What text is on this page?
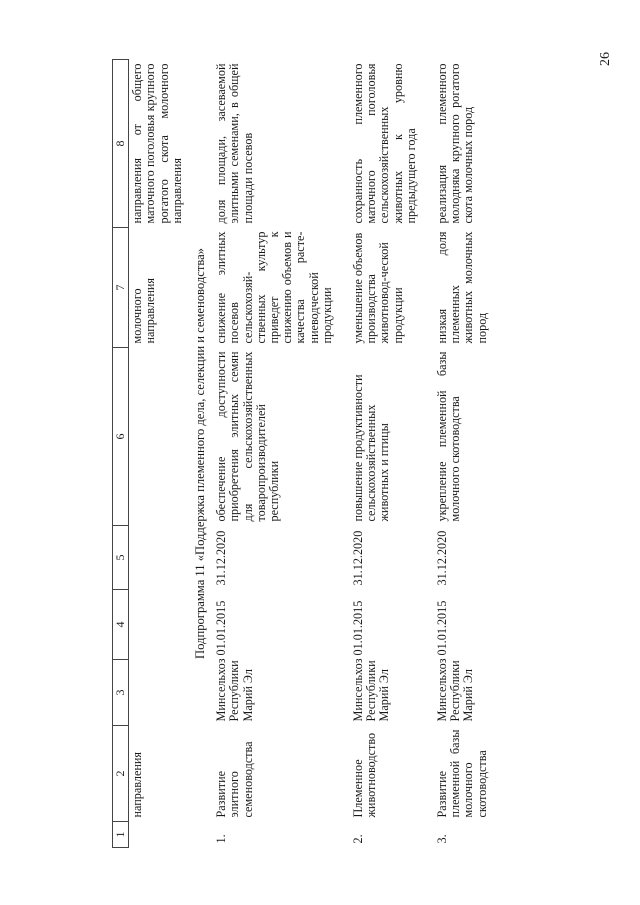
26
1	2	3	4	5	6	7	8
	направления					молочного направления	направления от общего маточного поголовья крупного рогатого скота молочного направления
Подпрограмма 11 «Поддержка племенного дела, селекции и семеноводства»							
1.	Развитие элитного семеноводства	Минсельхоз Республики Марий Эл	01.01.2015	31.12.2020	обеспечение доступности приобретения элитных семян для сельскохозяйственных товаропроизводителей республики	снижение элитных посевов сельскохозяй-ственных культур приведет к снижению объемов и качества расте-ниеводческой продукции	доля площади, засеваемой элитными семенами, в общей площади посевов

2.	Племенное животноводство	Минсельхоз Республики Марий Эл	01.01.2015	31.12.2020	повышение продуктивности сельскохозяйственных животных и птицы	уменьшение объемов производства животновод-ческой продукции	сохранность племенного маточного поголовья сельскохозяйственных животных к уровню предыдущего года

3.	Развитие племенной базы молочного скотоводства	Минсельхоз Республики Марий Эл	01.01.2015	31.12.2020	укрепление племенной базы молочного скотоводства	низкая доля племенных животных молочных пород	реализация племенного молодняка крупного рогатого скота молочных пород
